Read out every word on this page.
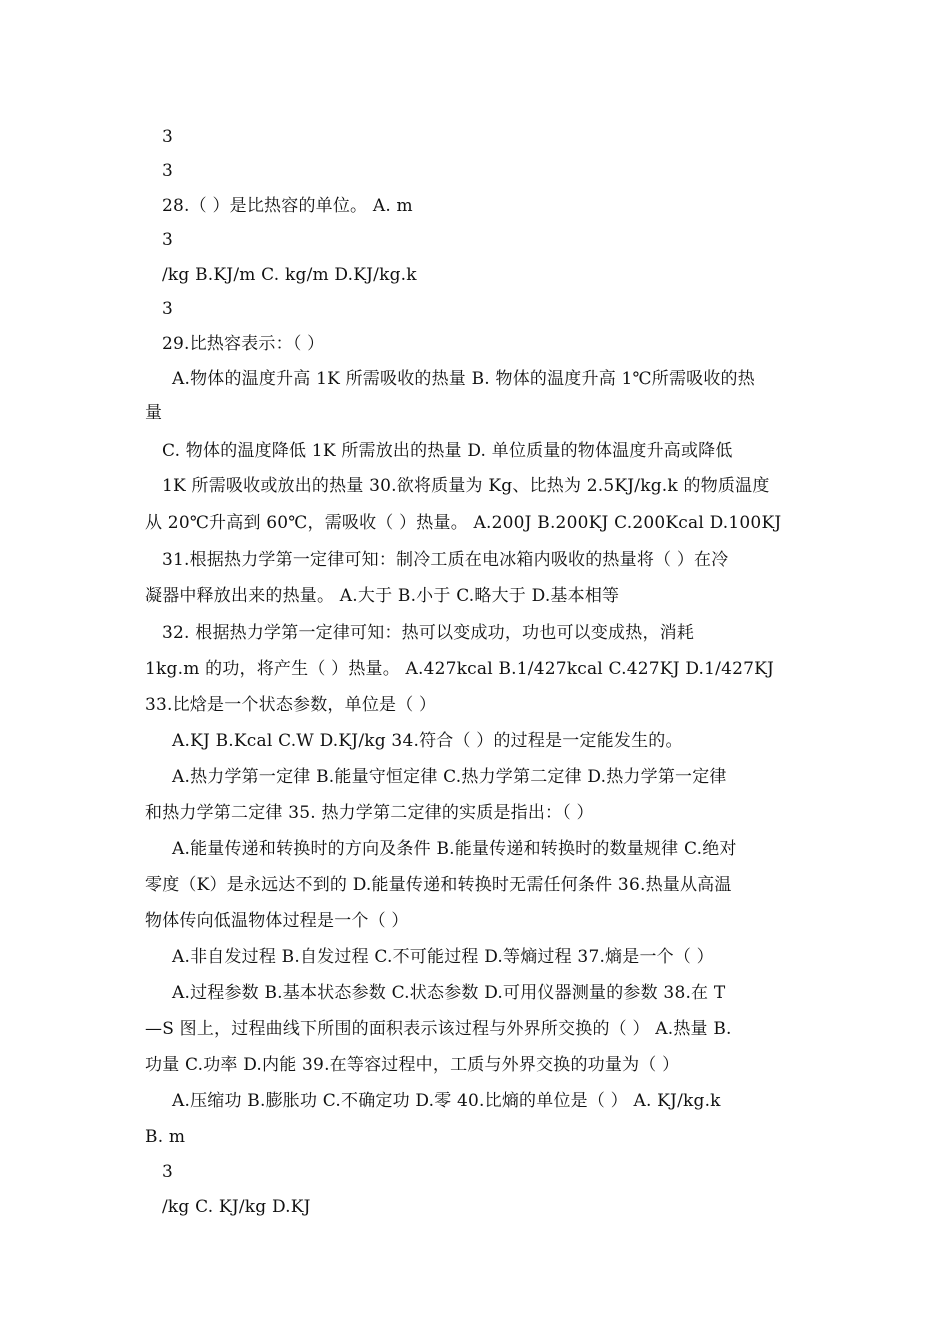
3
3
28.（ ）是比热容的单位。 A. m
3
/kg B.KJ/m C. kg/m D.KJ/kg.k
3
29.比热容表示：（ ）
A.物体的温度升高 1K 所需吸收的热量 B. 物体的温度升高 1℃所需吸收的热
量
C. 物体的温度降低 1K 所需放出的热量 D. 单位质量的物体温度升高或降低
1K 所需吸收或放出的热量 30.欲将质量为 Kg、比热为 2.5KJ/kg.k 的物质温度
从 20℃升高到 60℃，需吸收（ ）热量。 A.200J B.200KJ C.200Kcal D.100KJ
31.根据热力学第一定律可知：制冷工质在电冰箱内吸收的热量将（ ）在冷
凝器中释放出来的热量。 A.大于 B.小于 C.略大于 D.基本相等
32. 根据热力学第一定律可知：热可以变成功，功也可以变成热，消耗
1kg.m 的功，将产生（ ）热量。 A.427kcal B.1/427kcal C.427KJ D.1/427KJ
33.比焓是一个状态参数，单位是（ ）
A.KJ B.Kcal C.W D.KJ/kg 34.符合（ ）的过程是一定能发生的。
A.热力学第一定律 B.能量守恒定律 C.热力学第二定律 D.热力学第一定律
和热力学第二定律 35. 热力学第二定律的实质是指出：（ ）
A.能量传递和转换时的方向及条件 B.能量传递和转换时的数量规律 C.绝对
零度（K）是永远达不到的 D.能量传递和转换时无需任何条件 36.热量从高温
物体传向低温物体过程是一个（ ）
A.非自发过程 B.自发过程 C.不可能过程 D.等熵过程 37.熵是一个（ ）
A.过程参数 B.基本状态参数 C.状态参数 D.可用仪器测量的参数 38.在 T
—S 图上，过程曲线下所围的面积表示该过程与外界所交换的（ ） A.热量 B.
功量 C.功率 D.内能 39.在等容过程中，工质与外界交换的功量为（ ）
A.压缩功 B.膨胀功 C.不确定功 D.零 40.比熵的单位是（ ） A. KJ/kg.k
B. m
3
/kg C. KJ/kg D.KJ
